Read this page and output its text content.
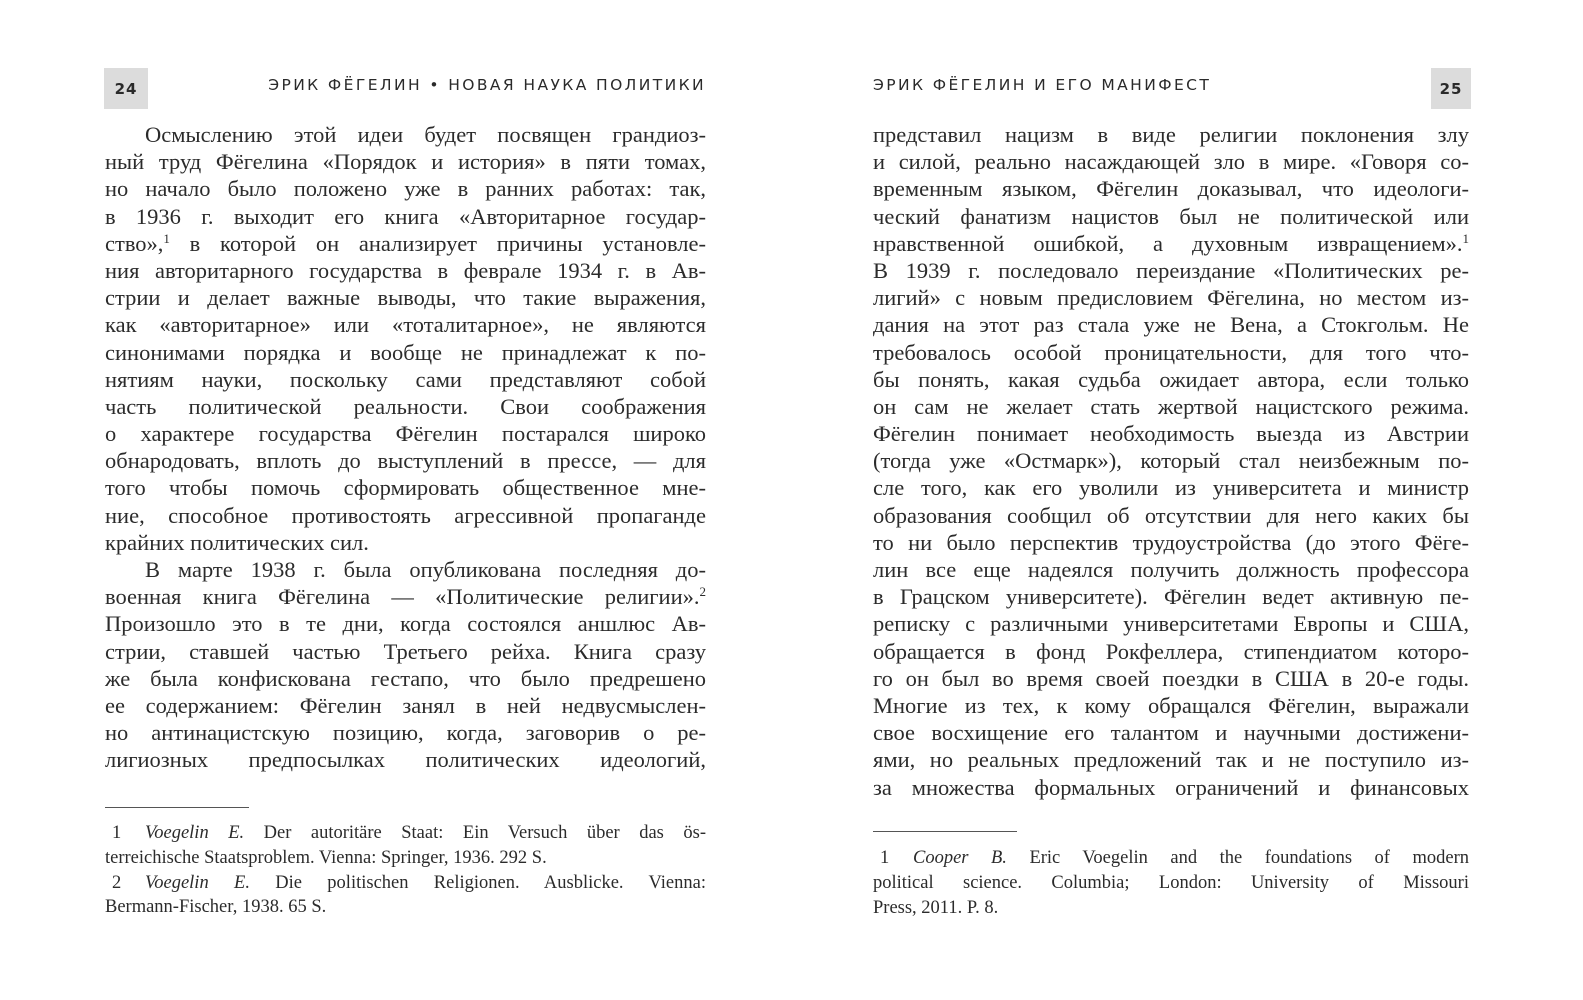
24	ЭРИК ФЁГЕЛИН • НОВАЯ НАУКА ПОЛИТИКИ
Осмыслению этой идеи будет посвящен грандиоз-
ный труд Фёгелина «Порядок и история» в пяти томах,
но начало было положено уже в ранних работах: так,
в 1936 г. выходит его книга «Авторитарное государ-
ство»,$^1$ в которой он анализирует причины установле-
ния авторитарного государства в феврале 1934 г. в Ав-
стрии и делает важные выводы, что такие выражения,
как «авторитарное» или «тоталитарное», не являются
синонимами порядка и вообще не принадлежат к по-
нятиям науки, поскольку сами представляют собой
часть политической реальности. Свои соображения
о характере государства Фёгелин постарался широко
обнародовать, вплоть до выступлений в прессе, — для
того чтобы помочь сформировать общественное мне-
ние, способное противостоять агрессивной пропаганде
крайних политических сил.
В марте 1938 г. была опубликована последняя до-
военная книга Фёгелина — «Политические религии».$^2$
Произошло это в те дни, когда состоялся аншлюс Ав-
стрии, ставшей частью Третьего рейха. Книга сразу
же была конфискована гестапо, что было предрешено
ее содержанием: Фёгелин занял в ней недвусмыслен-
но антинацистскую позицию, когда, заговорив о ре-
лигиозных предпосылках политических идеологий,
1 Voegelin E. Der autoritäre Staat: Ein Versuch über das ös-
terreichische Staatsproblem. Vienna: Springer, 1936. 292 S.
2 Voegelin E. Die politischen Religionen. Ausblicke. Vienna:
Bermann-Fischer, 1938. 65 S.
ЭРИК ФЁГЕЛИН И ЕГО МАНИФЕСТ	25
представил нацизм в виде религии поклонения злу
и силой, реально насаждающей зло в мире. «Говоря со-
временным языком, Фёгелин доказывал, что идеологи-
ческий фанатизм нацистов был не политической или
нравственной ошибкой, а духовным извращением».$^1$
В 1939 г. последовало переиздание «Политических ре-
лигий» с новым предисловием Фёгелина, но местом из-
дания на этот раз стала уже не Вена, а Стокгольм. Не
требовалось особой проницательности, для того что-
бы понять, какая судьба ожидает автора, если только
он сам не желает стать жертвой нацистского режима.
Фёгелин понимает необходимость выезда из Австрии
(тогда уже «Остмарк»), который стал неизбежным по-
сле того, как его уволили из университета и министр
образования сообщил об отсутствии для него каких бы
то ни было перспектив трудоустройства (до этого Фёге-
лин все еще надеялся получить должность профессора
в Грацском университете). Фёгелин ведет активную пе-
реписку с различными университетами Европы и США,
обращается в фонд Рокфеллера, стипендиатом которо-
го он был во время своей поездки в США в 20-е годы.
Многие из тех, к кому обращался Фёгелин, выражали
свое восхищение его талантом и научными достижени-
ями, но реальных предложений так и не поступило из-
за множества формальных ограничений и финансовых
1 Cooper B. Eric Voegelin and the foundations of modern
political science. Columbia; London: University of Missouri
Press, 2011. P. 8.
